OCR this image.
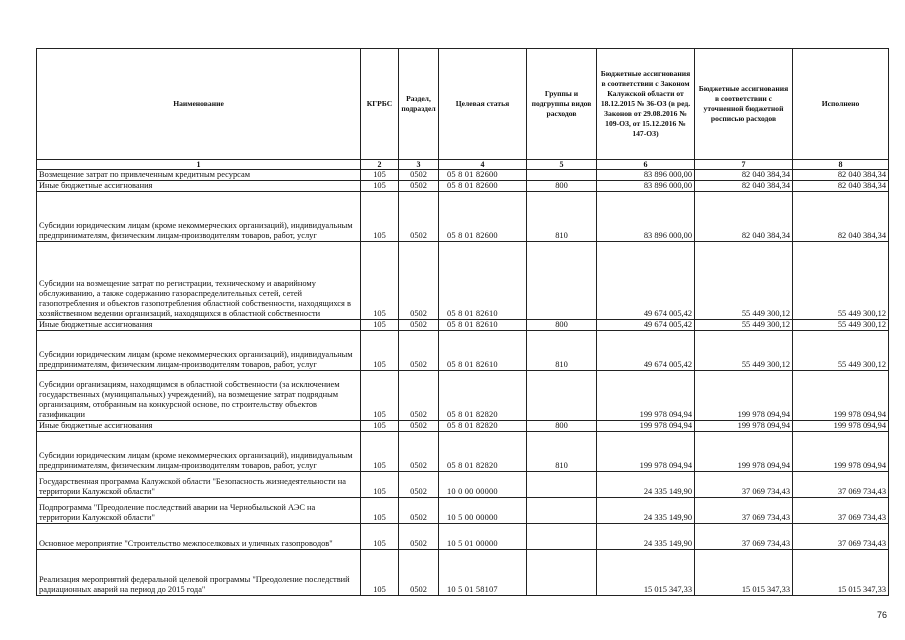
Наименование	КГРБС	Раздел, подраздел	Целевая статья	Группы и подгруппы видов расходов	Бюджетные ассигнования в соответствии с Законом Калужской области от 18.12.2015 № 36-ОЗ (в ред. Законов от 29.08.2016 № 109-ОЗ, от 15.12.2016 № 147-ОЗ)	Бюджетные ассигнования в соответствии с уточненной бюджетной росписью расходов	Исполнено
1	2	3	4	5	6	7	8
Возмещение затрат по привлеченным кредитным ресурсам	105	0502	05 8 01 82600		83 896 000,00	82 040 384,34	82 040 384,34
Иные бюджетные ассигнования	105	0502	05 8 01 82600	800	83 896 000,00	82 040 384,34	82 040 384,34
Субсидии юридическим лицам (кроме некоммерческих организаций), индивидуальным предпринимателям, физическим лицам-производителям товаров, работ, услуг	105	0502	05 8 01 82600	810	83 896 000,00	82 040 384,34	82 040 384,34
Субсидии на возмещение затрат по регистрации, техническому и аварийному обслуживанию, а также содержанию газораспределительных сетей, сетей газопотребления и объектов газопотребления областной собственности, находящихся в хозяйственном ведении организаций, находящихся в областной собственности	105	0502	05 8 01 82610		49 674 005,42	55 449 300,12	55 449 300,12
Иные бюджетные ассигнования	105	0502	05 8 01 82610	800	49 674 005,42	55 449 300,12	55 449 300,12
Субсидии юридическим лицам (кроме некоммерческих организаций), индивидуальным предпринимателям, физическим лицам-производителям товаров, работ, услуг	105	0502	05 8 01 82610	810	49 674 005,42	55 449 300,12	55 449 300,12
Субсидии организациям, находящимся в областной собственности (за исключением государственных (муниципальных) учреждений), на возмещение затрат подрядным организациям, отобранным на конкурсной основе, по строительству объектов газификации	105	0502	05 8 01 82820		199 978 094,94	199 978 094,94	199 978 094,94
Иные бюджетные ассигнования	105	0502	05 8 01 82820	800	199 978 094,94	199 978 094,94	199 978 094,94
Субсидии юридическим лицам (кроме некоммерческих организаций), индивидуальным предпринимателям, физическим лицам-производителям товаров, работ, услуг	105	0502	05 8 01 82820	810	199 978 094,94	199 978 094,94	199 978 094,94
Государственная программа Калужской области "Безопасность жизнедеятельности на территории Калужской области"	105	0502	10 0 00 00000		24 335 149,90	37 069 734,43	37 069 734,43
Подпрограмма "Преодоление последствий аварии на Чернобыльской АЭС на территории Калужской области"	105	0502	10 5 00 00000		24 335 149,90	37 069 734,43	37 069 734,43
Основное мероприятие "Строительство межпоселковых и уличных газопроводов"	105	0502	10 5 01 00000		24 335 149,90	37 069 734,43	37 069 734,43
Реализация мероприятий федеральной целевой программы "Преодоление последствий радиационных аварий на период до 2015 года"	105	0502	10 5 01 58107		15 015 347,33	15 015 347,33	15 015 347,33
76
